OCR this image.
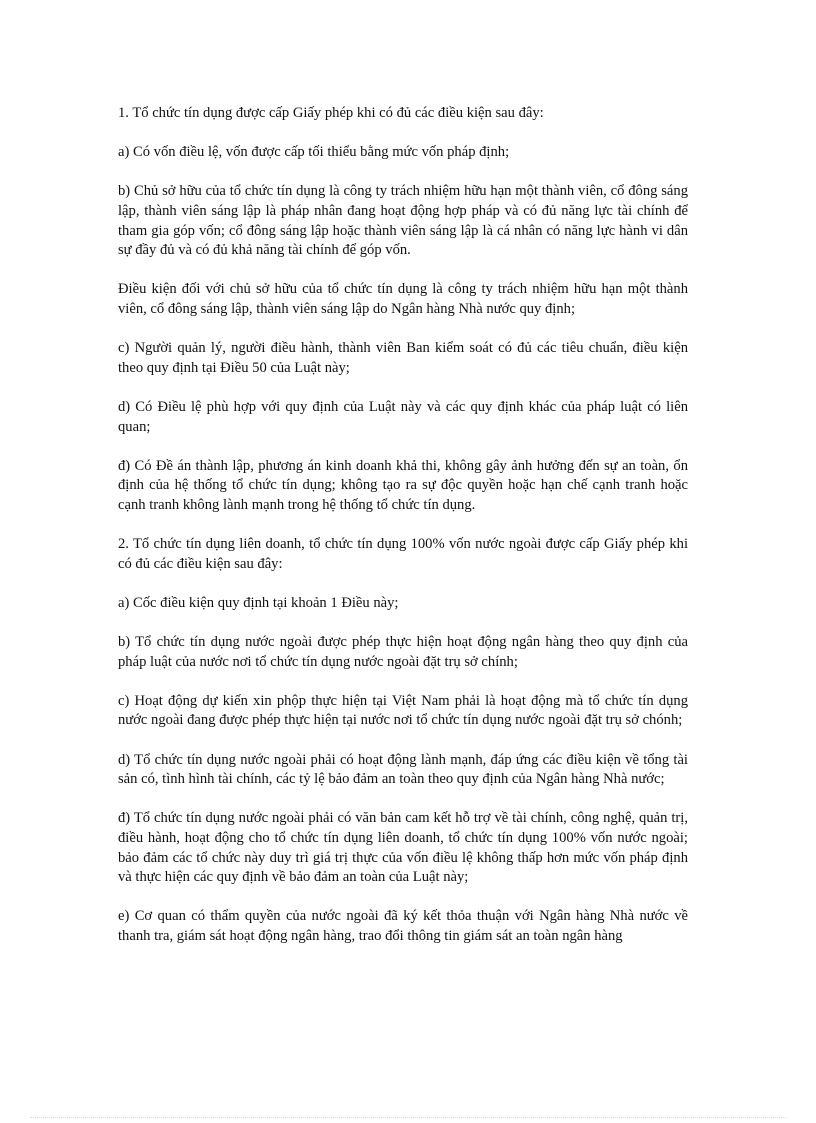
1. Tổ chức tín dụng được cấp Giấy phép khi có đủ các điều kiện sau đây:

a) Có vốn điều lệ, vốn được cấp tối thiểu bằng mức vốn pháp định;

b) Chủ sở hữu của tổ chức tín dụng là công ty trách nhiệm hữu hạn một thành viên, cổ đông sáng lập, thành viên sáng lập là pháp nhân đang hoạt động hợp pháp và có đủ năng lực tài chính để tham gia góp vốn; cổ đông sáng lập hoặc thành viên sáng lập là cá nhân có năng lực hành vi dân sự đầy đủ và có đủ khả năng tài chính để góp vốn.

Điều kiện đối với chủ sở hữu của tổ chức tín dụng là công ty trách nhiệm hữu hạn một thành viên, cổ đông sáng lập, thành viên sáng lập do Ngân hàng Nhà nước quy định;

c) Người quản lý, người điều hành, thành viên Ban kiểm soát có đủ các tiêu chuẩn, điều kiện theo quy định tại Điều 50 của Luật này;

d) Có Điều lệ phù hợp với quy định của Luật này và các quy định khác của pháp luật có liên quan;

đ) Có Đề án thành lập, phương án kinh doanh khả thi, không gây ảnh hưởng đến sự an toàn, ổn định của hệ thống tổ chức tín dụng; không tạo ra sự độc quyền hoặc hạn chế cạnh tranh hoặc cạnh tranh không lành mạnh trong hệ thống tổ chức tín dụng.

2. Tổ chức tín dụng liên doanh, tổ chức tín dụng 100% vốn nước ngoài được cấp Giấy phép khi có đủ các điều kiện sau đây:

a) Cốc điều kiện quy định tại khoản 1 Điều này;

b) Tổ chức tín dụng nước ngoài được phép thực hiện hoạt động ngân hàng theo quy định của pháp luật của nước nơi tổ chức tín dụng nước ngoài đặt trụ sở chính;

c) Hoạt động dự kiến xin phộp thực hiện tại Việt Nam phải là hoạt động mà tổ chức tín dụng nước ngoài đang được phép thực hiện tại nước nơi tổ chức tín dụng nước ngoài đặt trụ sở chónh;

d) Tổ chức tín dụng nước ngoài phải có hoạt động lành mạnh, đáp ứng các điều kiện về tổng tài sản có, tình hình tài chính, các tỷ lệ bảo đảm an toàn theo quy định của Ngân hàng Nhà nước;

đ) Tổ chức tín dụng nước ngoài phải có văn bản cam kết hỗ trợ về tài chính, công nghệ, quản trị, điều hành, hoạt động cho tổ chức tín dụng liên doanh, tổ chức tín dụng 100% vốn nước ngoài; bảo đảm các tổ chức này duy trì giá trị thực của vốn điều lệ không thấp hơn mức vốn pháp định và thực hiện các quy định về bảo đảm an toàn của Luật này;

e) Cơ quan có thẩm quyền của nước ngoài đã ký kết thỏa thuận với Ngân hàng Nhà nước về thanh tra, giám sát hoạt động ngân hàng, trao đổi thông tin giám sát an toàn ngân hàng
